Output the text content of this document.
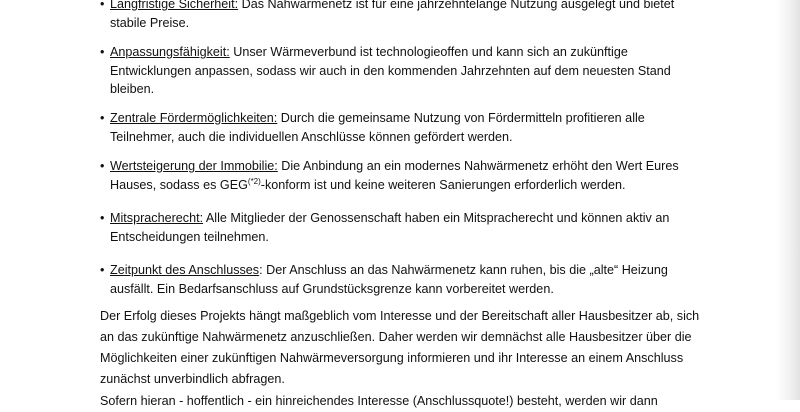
• Langfristige Sicherheit: Das Nahwärmenetz ist für eine jahrzehntelange Nutzung ausgelegt und bietet stabile Preise.
• Anpassungsfähigkeit: Unser Wärmeverbund ist technologieoffen und kann sich an zukünftige Entwicklungen anpassen, sodass wir auch in den kommenden Jahrzehnten auf dem neuesten Stand bleiben.
• Zentrale Fördermöglichkeiten: Durch die gemeinsame Nutzung von Fördermitteln profitieren alle Teilnehmer, auch die individuellen Anschlüsse können gefördert werden.
• Wertsteigerung der Immobilie: Die Anbindung an ein modernes Nahwärmenetz erhöht den Wert Eures Hauses, sodass es $GEG^{(*2)}$-konform ist und keine weiteren Sanierungen erforderlich werden.
• Mitspracherecht: Alle Mitglieder der Genossenschaft haben ein Mitspracherecht und können aktiv an Entscheidungen teilnehmen.
• Zeitpunkt des Anschlusses: Der Anschluss an das Nahwärmenetz kann ruhen, bis die „alte“ Heizung ausfällt. Ein Bedarfsanschluss auf Grundstücksgrenze kann vorbereitet werden.

Der Erfolg dieses Projekts hängt maßgeblich vom Interesse und der Bereitschaft aller Hausbesitzer ab, sich an das zukünftige Nahwärmenetz anzuschließen. Daher werden wir demnächst alle Hausbesitzer über die Möglichkeiten einer zukünftigen Nahwärmeversorgung informieren und ihr Interesse an einem Anschluss zunächst unverbindlich abfragen.

Sofern hieran - hoffentlich - ein hinreichendes Interesse (Anschlussquote!) besteht, werden wir dann
